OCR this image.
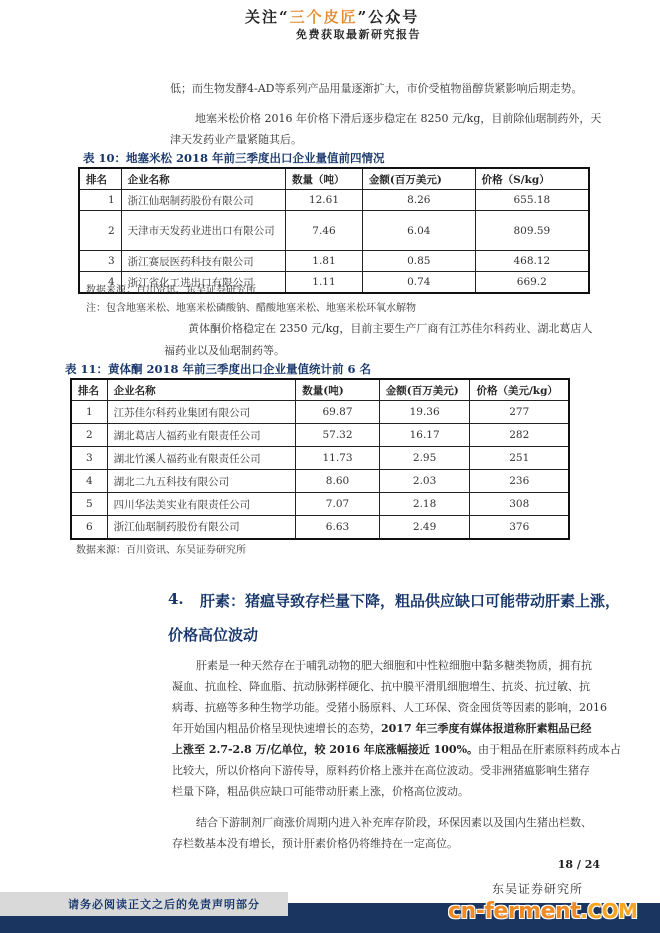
关注“三个皮匠”公众号
免费获取最新研究报告
低；而生物发酵4-AD等系列产品用量逐渐扩大，市价受植物甾醇货紧影响后期走势。
地塞米松价格 2016 年价格下滑后逐步稳定在 8250 元/kg，目前除仙琚制药外，天
津天发药业产量紧随其后。
表 10：地塞米松 2018 年前三季度出口企业量值前四情况
排名	企业名称	数量（吨）	金额(百万美元)	价格（S/kg）
1	浙江仙琚制药股份有限公司	12.61	8.26	655.18
2	天津市天发药业进出口有限公司	7.46	6.04	809.59
3	浙江赛辰医药科技有限公司	1.81	0.85	468.12
4	浙江省化工进出口有限公司	1.11	0.74	669.2
数据来源：百川资讯、东吴证券研究所
注：包含地塞米松、地塞米松磷酸钠、醋酸地塞米松、地塞米松环氧水解物
黄体酮价格稳定在 2350 元/kg，目前主要生产厂商有江苏佳尔科药业、湖北葛店人
福药业以及仙琚制药等。
表 11：黄体酮 2018 年前三季度出口企业量值统计前 6 名
排名	企业名称	数量(吨)	金额(百万美元)	价格（美元/kg）
1	江苏佳尔科药业集团有限公司	69.87	19.36	277
2	湖北葛店人福药业有限责任公司	57.32	16.17	282
3	湖北竹溪人福药业有限责任公司	11.73	2.95	251
4	湖北二九五科技有限公司	8.60	2.03	236
5	四川华法美实业有限责任公司	7.07	2.18	308
6	浙江仙琚制药股份有限公司	6.63	2.49	376
数据来源：百川资讯、东吴证券研究所
4. 肝素：猪瘟导致存栏量下降，粗品供应缺口可能带动肝素上涨，
价格高位波动
肝素是一种天然存在于哺乳动物的肥大细胞和中性粒细胞中黏多糖类物质，拥有抗
凝血、抗血栓、降血脂、抗动脉粥样硬化、抗中膜平滑肌细胞增生、抗炎、抗过敏、抗
病毒、抗癌等多种生物学功能。受猪小肠原料、人工环保、资金囤货等因素的影响，2016
年开始国内粗品价格呈现快速增长的态势，2017 年三季度有媒体报道称肝素粗品已经
上涨至 2.7-2.8 万/亿单位，较 2016 年底涨幅接近 100%。由于粗品在肝素原料药成本占
比较大，所以价格向下游传导，原料药价格上涨并在高位波动。受非洲猪瘟影响生猪存
栏量下降，粗品供应缺口可能带动肝素上涨，价格高位波动。
结合下游制剂厂商涨价周期内进入补充库存阶段，环保因素以及国内生猪出栏数、
存栏数基本没有增长，预计肝素价格仍将维持在一定高位。
18 / 24
东吴证券研究所
请务必阅读正文之后的免责声明部分	cn-ferment.COM
